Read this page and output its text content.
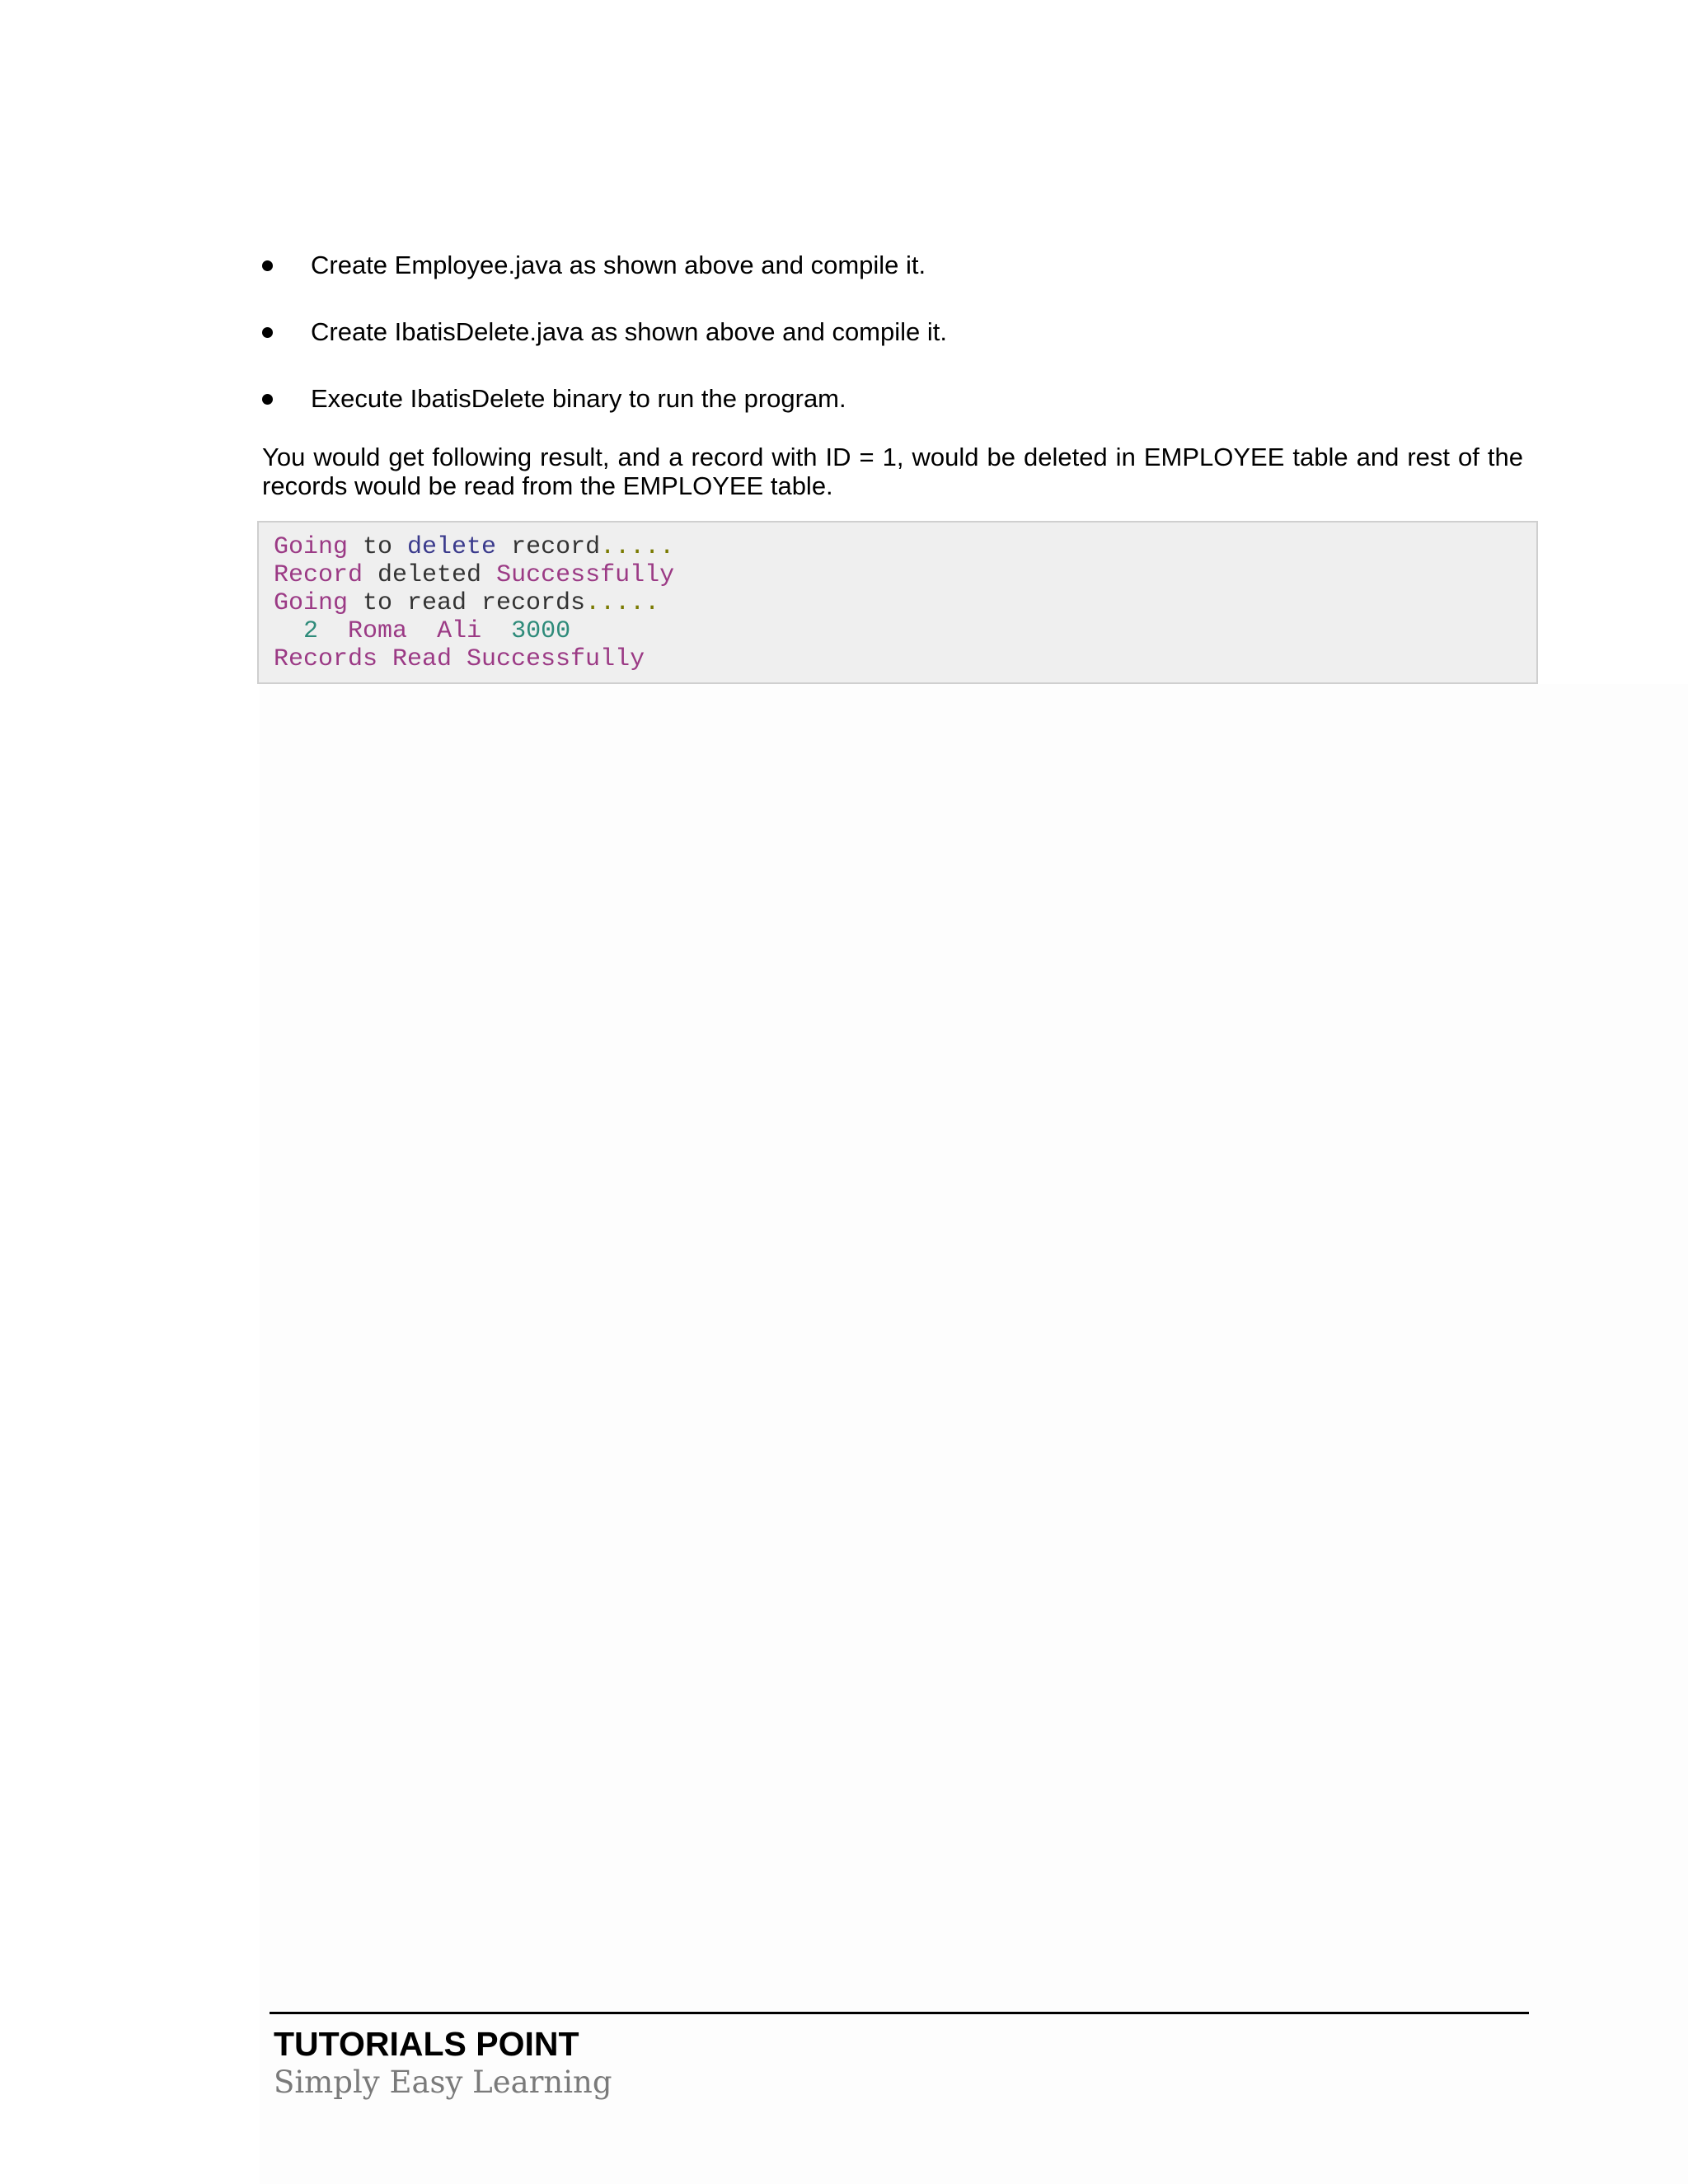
Create Employee.java as shown above and compile it.
Create IbatisDelete.java as shown above and compile it.
Execute IbatisDelete binary to run the program.

You would get following result, and a record with ID = 1, would be deleted in EMPLOYEE table and rest of the records would be read from the EMPLOYEE table.

Going to delete record.....
Record deleted Successfully
Going to read records.....
2 Roma Ali 3000
Records Read Successfully
TUTORIALS POINT
Simply Easy Learning
